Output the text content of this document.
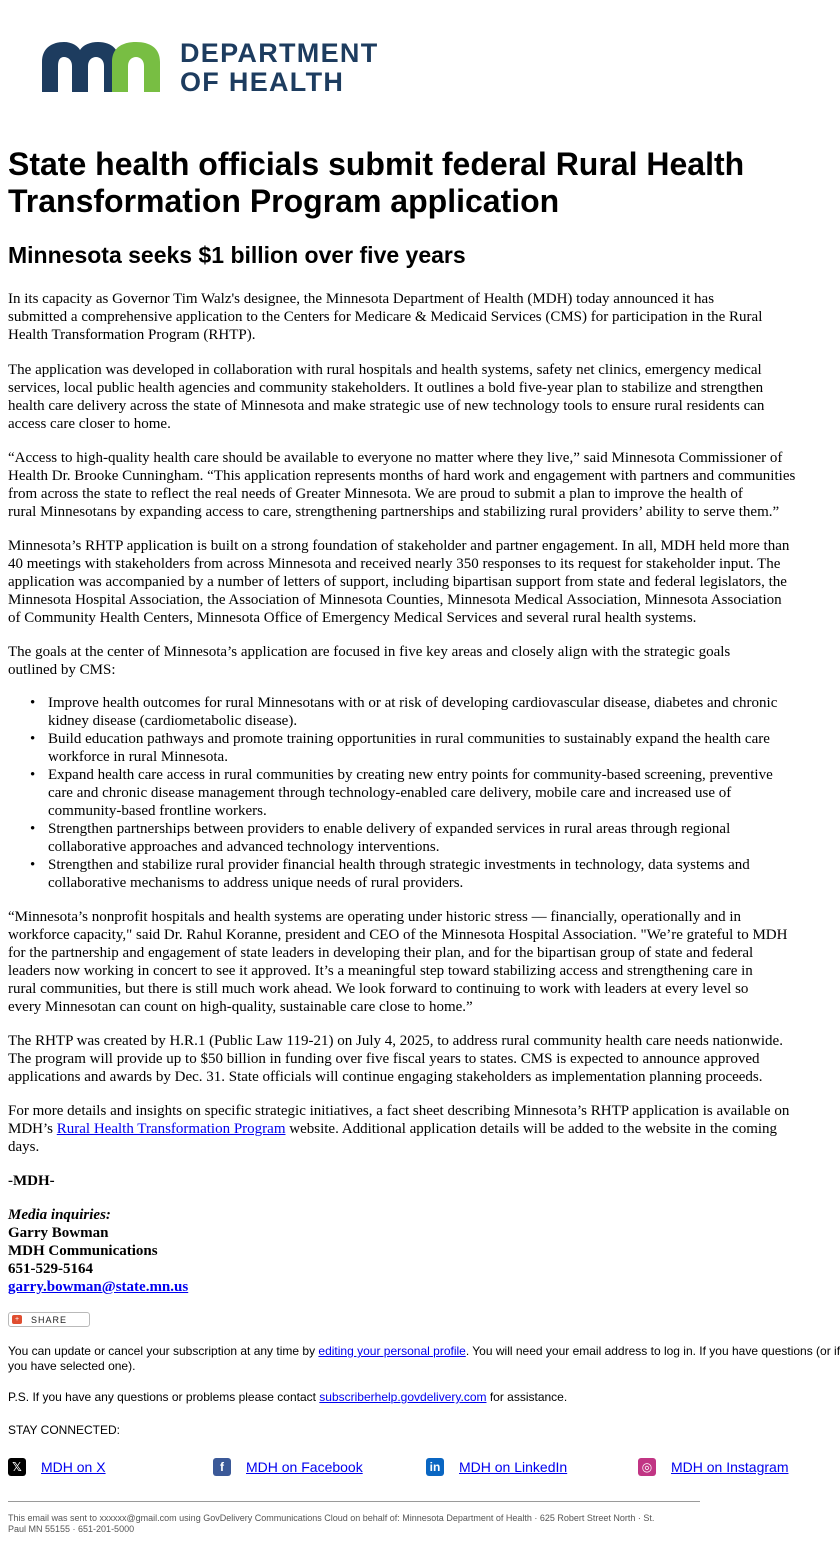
DEPARTMENT
OF HEALTH
State health officials submit federal Rural Health
Transformation Program application
Minnesota seeks $1 billion over five years
In its capacity as Governor Tim Walz's designee, the Minnesota Department of Health (MDH) today announced it has
submitted a comprehensive application to the Centers for Medicare & Medicaid Services (CMS) for participation in the Rural
Health Transformation Program (RHTP).
The application was developed in collaboration with rural hospitals and health systems, safety net clinics, emergency medical
services, local public health agencies and community stakeholders. It outlines a bold five-year plan to stabilize and strengthen
health care delivery across the state of Minnesota and make strategic use of new technology tools to ensure rural residents can
access care closer to home.
“Access to high-quality health care should be available to everyone no matter where they live,” said Minnesota Commissioner of
Health Dr. Brooke Cunningham. “This application represents months of hard work and engagement with partners and communities
from across the state to reflect the real needs of Greater Minnesota. We are proud to submit a plan to improve the health of
rural Minnesotans by expanding access to care, strengthening partnerships and stabilizing rural providers’ ability to serve them.”
Minnesota’s RHTP application is built on a strong foundation of stakeholder and partner engagement. In all, MDH held more than
40 meetings with stakeholders from across Minnesota and received nearly 350 responses to its request for stakeholder input. The
application was accompanied by a number of letters of support, including bipartisan support from state and federal legislators, the
Minnesota Hospital Association, the Association of Minnesota Counties, Minnesota Medical Association, Minnesota Association
of Community Health Centers, Minnesota Office of Emergency Medical Services and several rural health systems.
The goals at the center of Minnesota’s application are focused in five key areas and closely align with the strategic goals
outlined by CMS:
• Improve health outcomes for rural Minnesotans with or at risk of developing cardiovascular disease, diabetes and chronic
kidney disease (cardiometabolic disease).
• Build education pathways and promote training opportunities in rural communities to sustainably expand the health care
workforce in rural Minnesota.
• Expand health care access in rural communities by creating new entry points for community-based screening, preventive
care and chronic disease management through technology-enabled care delivery, mobile care and increased use of
community-based frontline workers.
• Strengthen partnerships between providers to enable delivery of expanded services in rural areas through regional
collaborative approaches and advanced technology interventions.
• Strengthen and stabilize rural provider financial health through strategic investments in technology, data systems and
collaborative mechanisms to address unique needs of rural providers.
“Minnesota’s nonprofit hospitals and health systems are operating under historic stress — financially, operationally and in
workforce capacity," said Dr. Rahul Koranne, president and CEO of the Minnesota Hospital Association. "We’re grateful to MDH
for the partnership and engagement of state leaders in developing their plan, and for the bipartisan group of state and federal
leaders now working in concert to see it approved. It’s a meaningful step toward stabilizing access and strengthening care in
rural communities, but there is still much work ahead. We look forward to continuing to work with leaders at every level so
every Minnesotan can count on high-quality, sustainable care close to home.”
The RHTP was created by H.R.1 (Public Law 119-21) on July 4, 2025, to address rural community health care needs nationwide.
The program will provide up to $50 billion in funding over five fiscal years to states. CMS is expected to announce approved
applications and awards by Dec. 31. State officials will continue engaging stakeholders as implementation planning proceeds.
For more details and insights on specific strategic initiatives, a fact sheet describing Minnesota’s RHTP application is available on
MDH’s Rural Health Transformation Program website. Additional application details will be added to the website in the coming
days.
-MDH-
Media inquiries:
Garry Bowman
MDH Communications
651-529-5164
garry.bowman@state.mn.us
+	SHARE
You can update or cancel your subscription at any time by editing your personal profile. You will need your email address to log in. If you have questions (or if
you have selected one).
P.S. If you have any questions or problems please contact subscriberhelp.govdelivery.com for assistance.
STAY CONNECTED:
𝕏 MDH on X	f	MDH on Facebook	in MDH on LinkedIn	◎ MDH on Instagram
This email was sent to xxxxxx@gmail.com using GovDelivery Communications Cloud on behalf of: Minnesota Department of Health · 625 Robert Street North · St.
Paul MN 55155 · 651-201-5000
